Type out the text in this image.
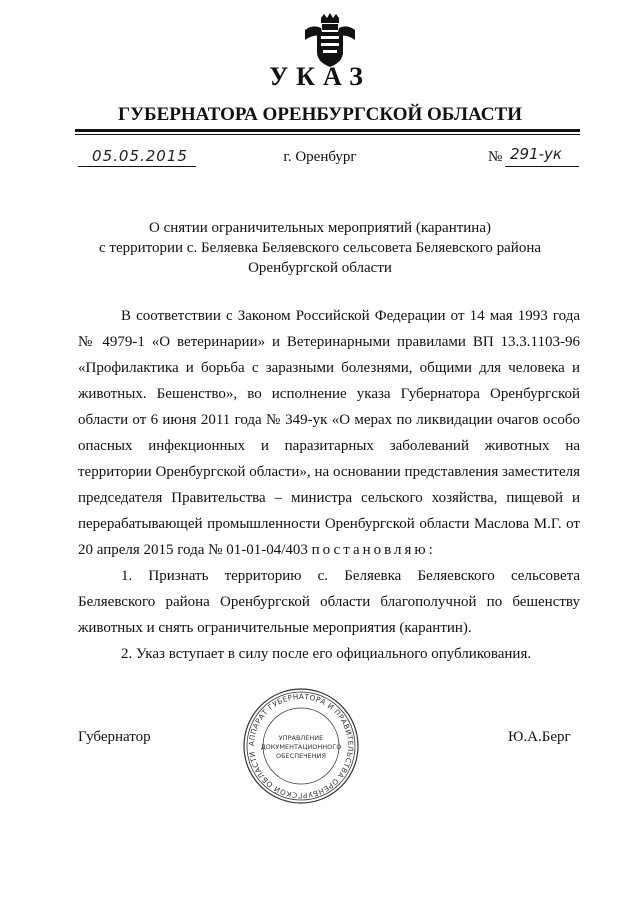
УКАЗ
ГУБЕРНАТОРА ОРЕНБУРГСКОЙ ОБЛАСТИ
05.05.2015	г. Оренбург	№ 291-ук
О снятии ограничительных мероприятий (карантина)
с территории с. Беляевка Беляевского сельсовета Беляевского района
Оренбургской области

В соответствии с Законом Российской Федерации от 14 мая 1993 года № 4979-1 «О ветеринарии» и Ветеринарными правилами ВП 13.3.1103-96 «Профилактика и борьба с заразными болезнями, общими для человека и животных. Бешенство», во исполнение указа Губернатора Оренбургской области от 6 июня 2011 года № 349-ук «О мерах по ликвидации очагов особо опасных инфекционных и паразитарных заболеваний животных на территории Оренбургской области», на основании представления заместителя председателя Правительства – министра сельского хозяйства, пищевой и перерабатывающей промышленности Оренбургской области Маслова М.Г. от 20 апреля 2015 года № 01-01-04/403 постановляю:

1. Признать территорию с. Беляевка Беляевского сельсовета Беляевского района Оренбургской области благополучной по бешенству животных и снять ограничительные мероприятия (карантин).

2. Указ вступает в силу после его официального опубликования.

Губернатор	Ю.А.Берг
АППАРАТ ГУБЕРНАТОРА И ПРАВИТЕЛЬСТВА ОРЕНБУРГСКОЙ ОБЛАСТИ
УПРАВЛЕНИЕ
ДОКУМЕНТАЦИОННОГО
ОБЕСПЕЧЕНИЯ
